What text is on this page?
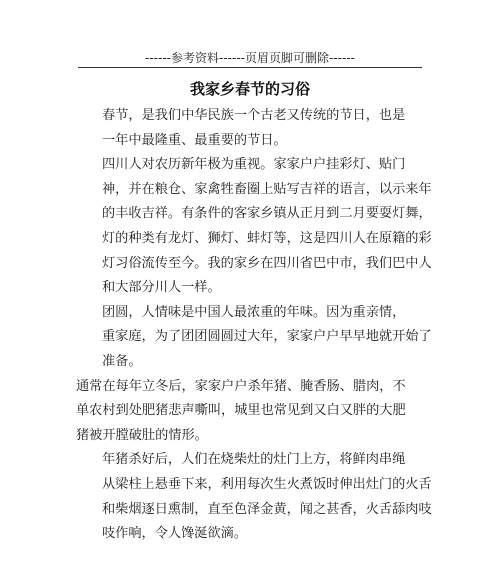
------参考资料------页眉页脚可删除------
我家乡春节的习俗

春节，是我们中华民族一个古老又传统的节日，也是
一年中最隆重、最重要的节日。

四川人对农历新年极为重视。家家户户挂彩灯、贴门
神，并在粮仓、家禽牲畜圈上贴写吉祥的语言，以示来年
的丰收吉祥。有条件的客家乡镇从正月到二月要耍灯舞，
灯的种类有龙灯、狮灯、蚌灯等，这是四川人在原籍的彩
灯习俗流传至今。我的家乡在四川省巴中市，我们巴中人
和大部分川人一样。

团圆，人情味是中国人最浓重的年味。因为重亲情，
重家庭，为了团团圆圆过大年，家家户户早早地就开始了
准备。

通常在每年立冬后，家家户户杀年猪、腌香肠、腊肉，不
单农村到处肥猪悲声嘶叫，城里也常见到又白又胖的大肥
猪被开膛破肚的情形。

年猪杀好后，人们在烧柴灶的灶门上方，将鲜肉串绳
从梁柱上悬垂下来，利用每次生火煮饭时伸出灶门的火舌
和柴烟逐日熏制，直至色泽金黄，闻之甚香，火舌舔肉吱
吱作响，令人馋涎欲滴。
